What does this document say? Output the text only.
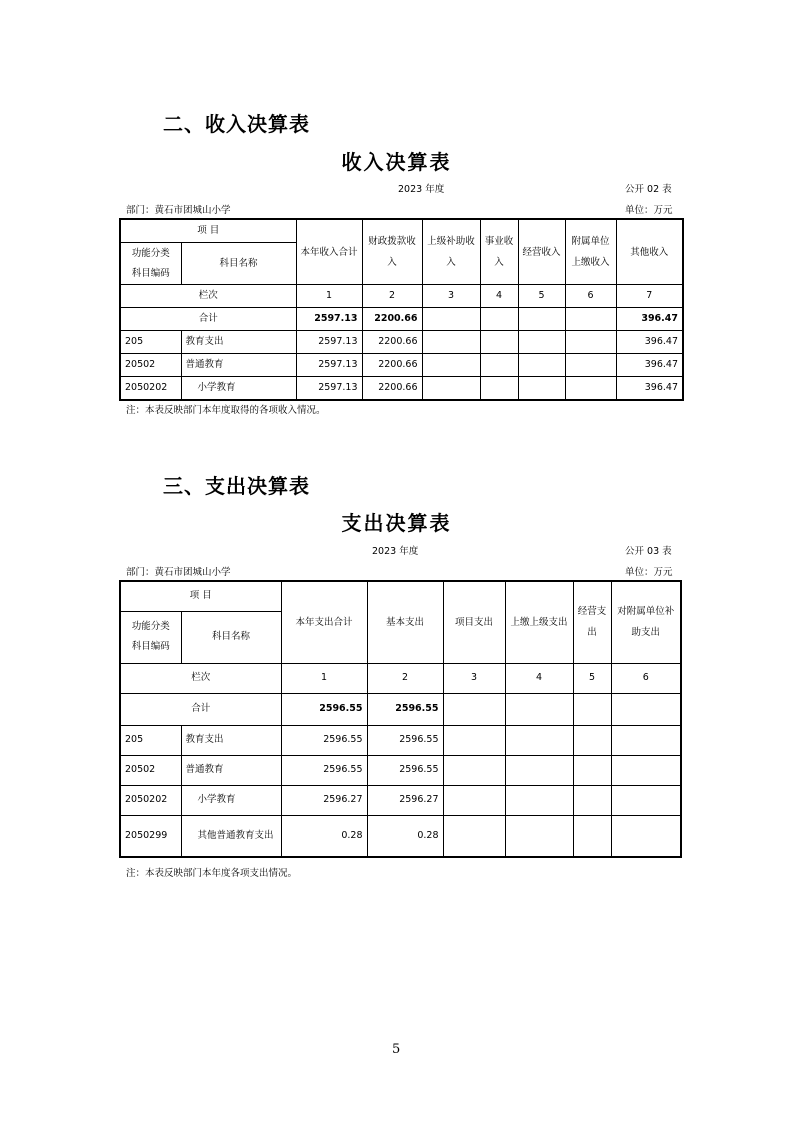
二、收入决算表
收入决算表
2023 年度	公开 02 表
部门：黄石市团城山小学	单位：万元
项 目		本年收入合计	财政拨款收入	上级补助收入	事业收入	经营收入	附属单位上缴收入	其他收入
功能分类
科目编码	科目名称							

栏次		1	2	3	4	5	6	7
合计		2597.13	2200.66					396.47
205	教育支出	2597.13	2200.66					396.47
20502	普通教育	2597.13	2200.66					396.47
2050202	小学教育	2597.13	2200.66					396.47
注：本表反映部门本年度取得的各项收入情况。
三、支出决算表
支出决算表
2023 年度	公开 03 表
部门：黄石市团城山小学	单位：万元
项 目		本年支出合计	基本支出	项目支出	上缴上级支出	经营支出	对附属单位补助支出
功能分类
科目编码	科目名称						

栏次		1	2	3	4	5	6
合计		2596.55	2596.55				
205	教育支出	2596.55	2596.55				
20502	普通教育	2596.55	2596.55				
2050202	小学教育	2596.27	2596.27				
2050299	其他普通教育支出	0.28	0.28				
注：本表反映部门本年度各项支出情况。
5
